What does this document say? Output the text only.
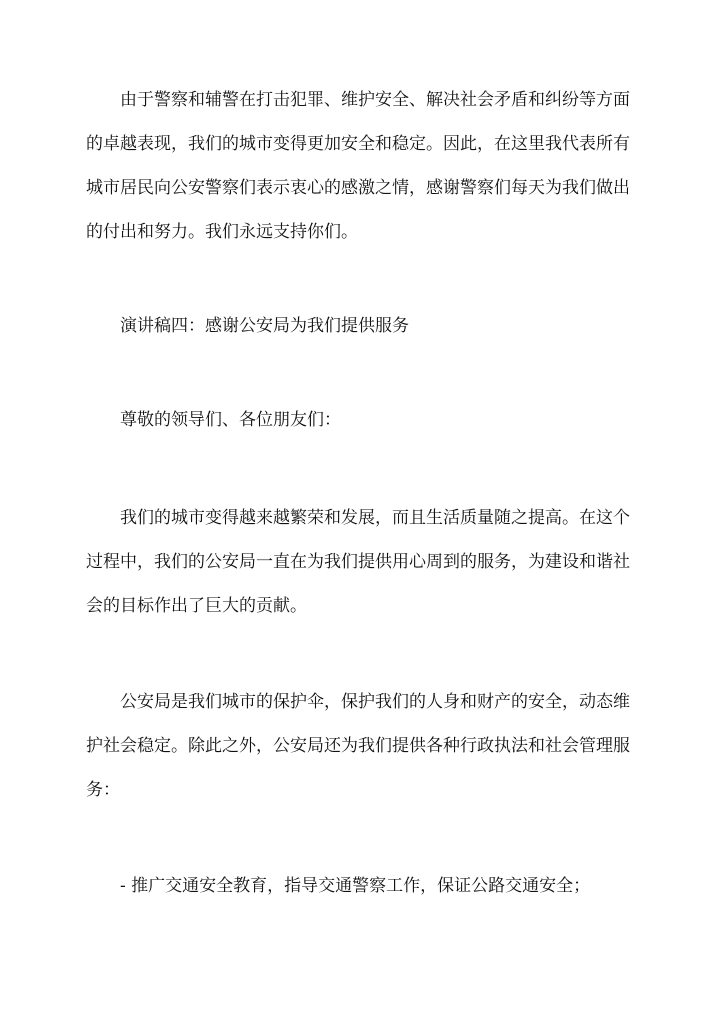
由于警察和辅警在打击犯罪、维护安全、解决社会矛盾和纠纷等方面的卓越表现，我们的城市变得更加安全和稳定。因此，在这里我代表所有城市居民向公安警察们表示衷心的感激之情，感谢警察们每天为我们做出的付出和努力。我们永远支持你们。

演讲稿四：感谢公安局为我们提供服务

尊敬的领导们、各位朋友们：

我们的城市变得越来越繁荣和发展，而且生活质量随之提高。在这个过程中，我们的公安局一直在为我们提供用心周到的服务，为建设和谐社会的目标作出了巨大的贡献。

公安局是我们城市的保护伞，保护我们的人身和财产的安全，动态维护社会稳定。除此之外，公安局还为我们提供各种行政执法和社会管理服务：

- 推广交通安全教育，指导交通警察工作，保证公路交通安全；
